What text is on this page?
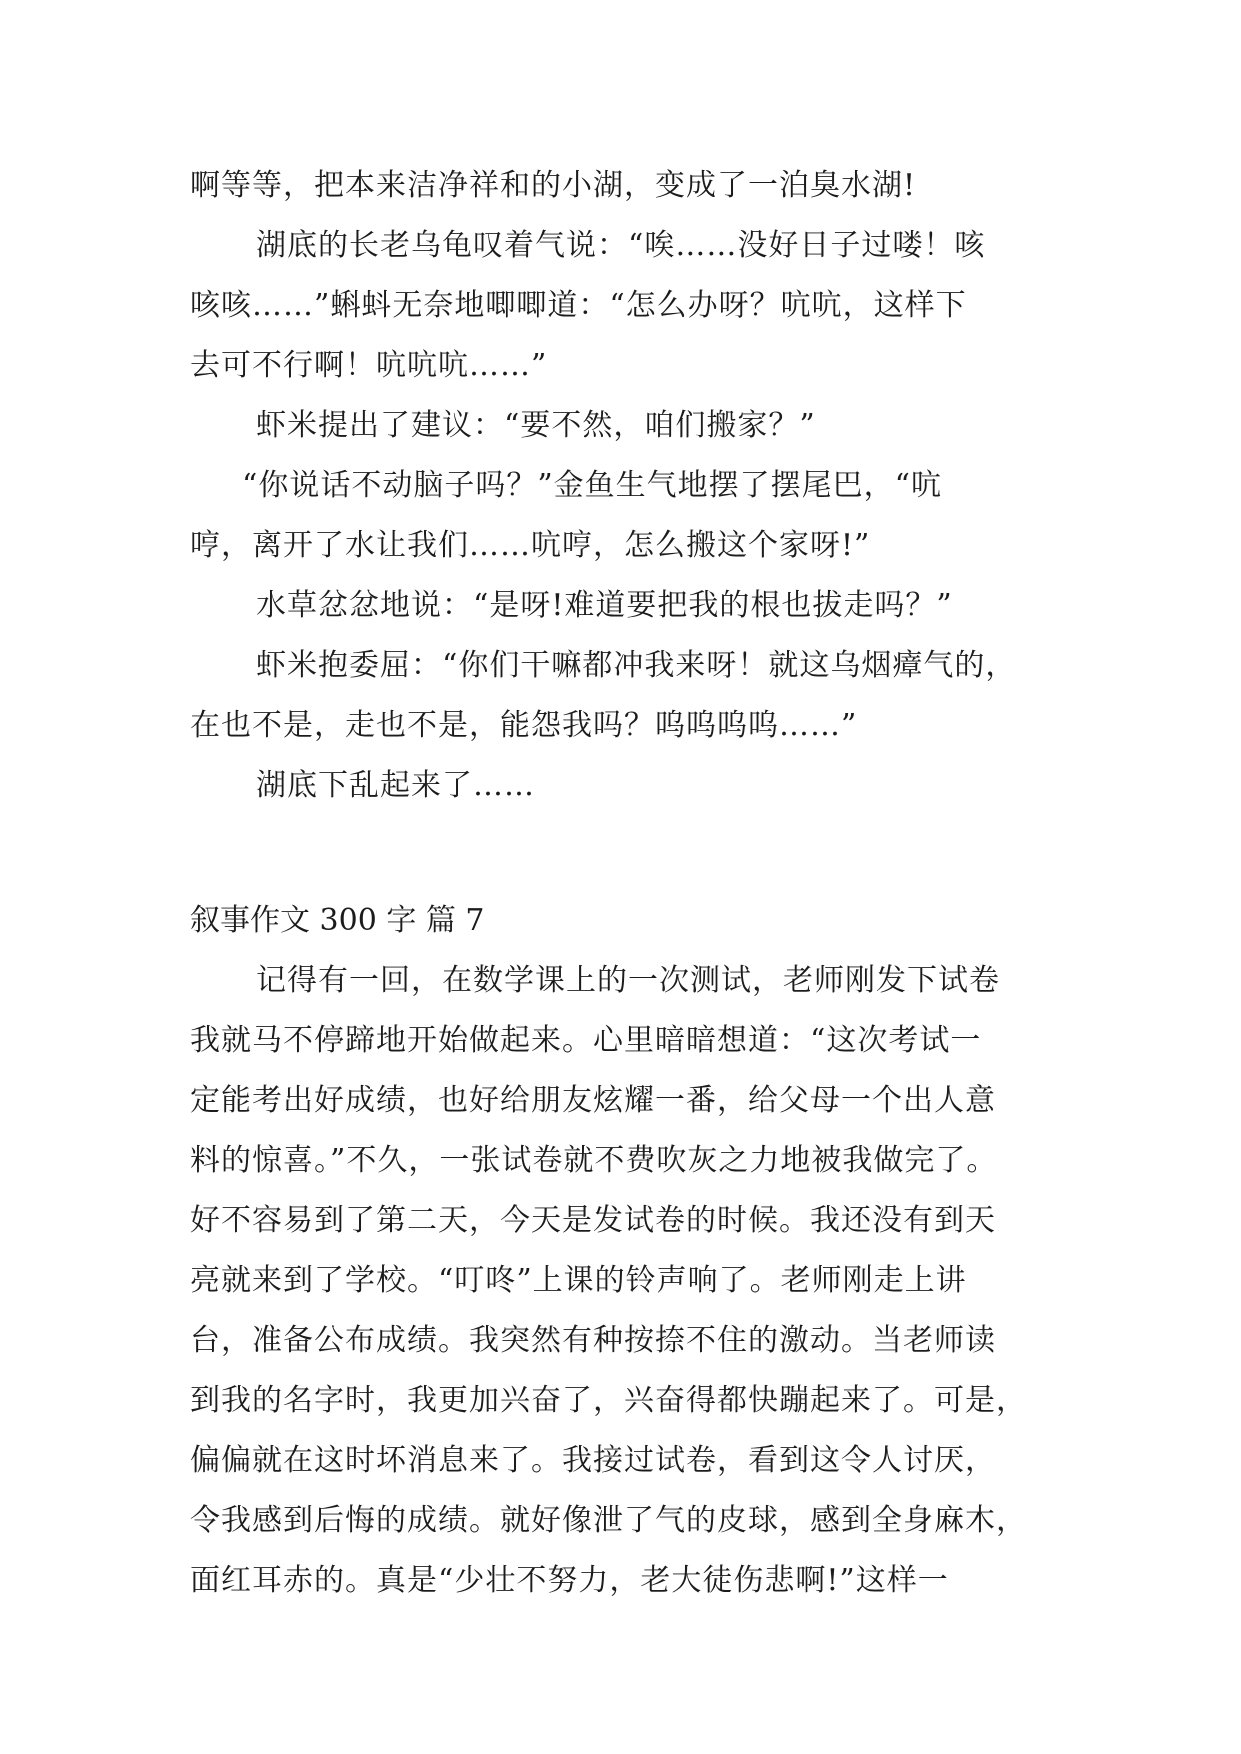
啊等等，把本来洁净祥和的小湖，变成了一泊臭水湖!
湖底的长老乌龟叹着气说：“唉……没好日子过喽！咳
咳咳……”蝌蚪无奈地唧唧道：“怎么办呀？吭吭，这样下
去可不行啊！吭吭吭……”
虾米提出了建议：“要不然，咱们搬家？”
“你说话不动脑子吗？”金鱼生气地摆了摆尾巴，“吭
哼，离开了水让我们……吭哼，怎么搬这个家呀!”
水草忿忿地说：“是呀!难道要把我的根也拔走吗？”
虾米抱委屈：“你们干嘛都冲我来呀！就这乌烟瘴气的，
在也不是，走也不是，能怨我吗？呜呜呜呜……”
湖底下乱起来了……
叙事作文 300 字 篇 7
记得有一回，在数学课上的一次测试，老师刚发下试卷
我就马不停蹄地开始做起来。心里暗暗想道：“这次考试一
定能考出好成绩，也好给朋友炫耀一番，给父母一个出人意
料的惊喜。”不久，一张试卷就不费吹灰之力地被我做完了。
好不容易到了第二天，今天是发试卷的时候。我还没有到天
亮就来到了学校。“叮咚”上课的铃声响了。老师刚走上讲
台，准备公布成绩。我突然有种按捺不住的激动。当老师读
到我的名字时，我更加兴奋了，兴奋得都快蹦起来了。可是，
偏偏就在这时坏消息来了。我接过试卷，看到这令人讨厌，
令我感到后悔的成绩。就好像泄了气的皮球，感到全身麻木，
面红耳赤的。真是“少壮不努力，老大徒伤悲啊!”这样一
